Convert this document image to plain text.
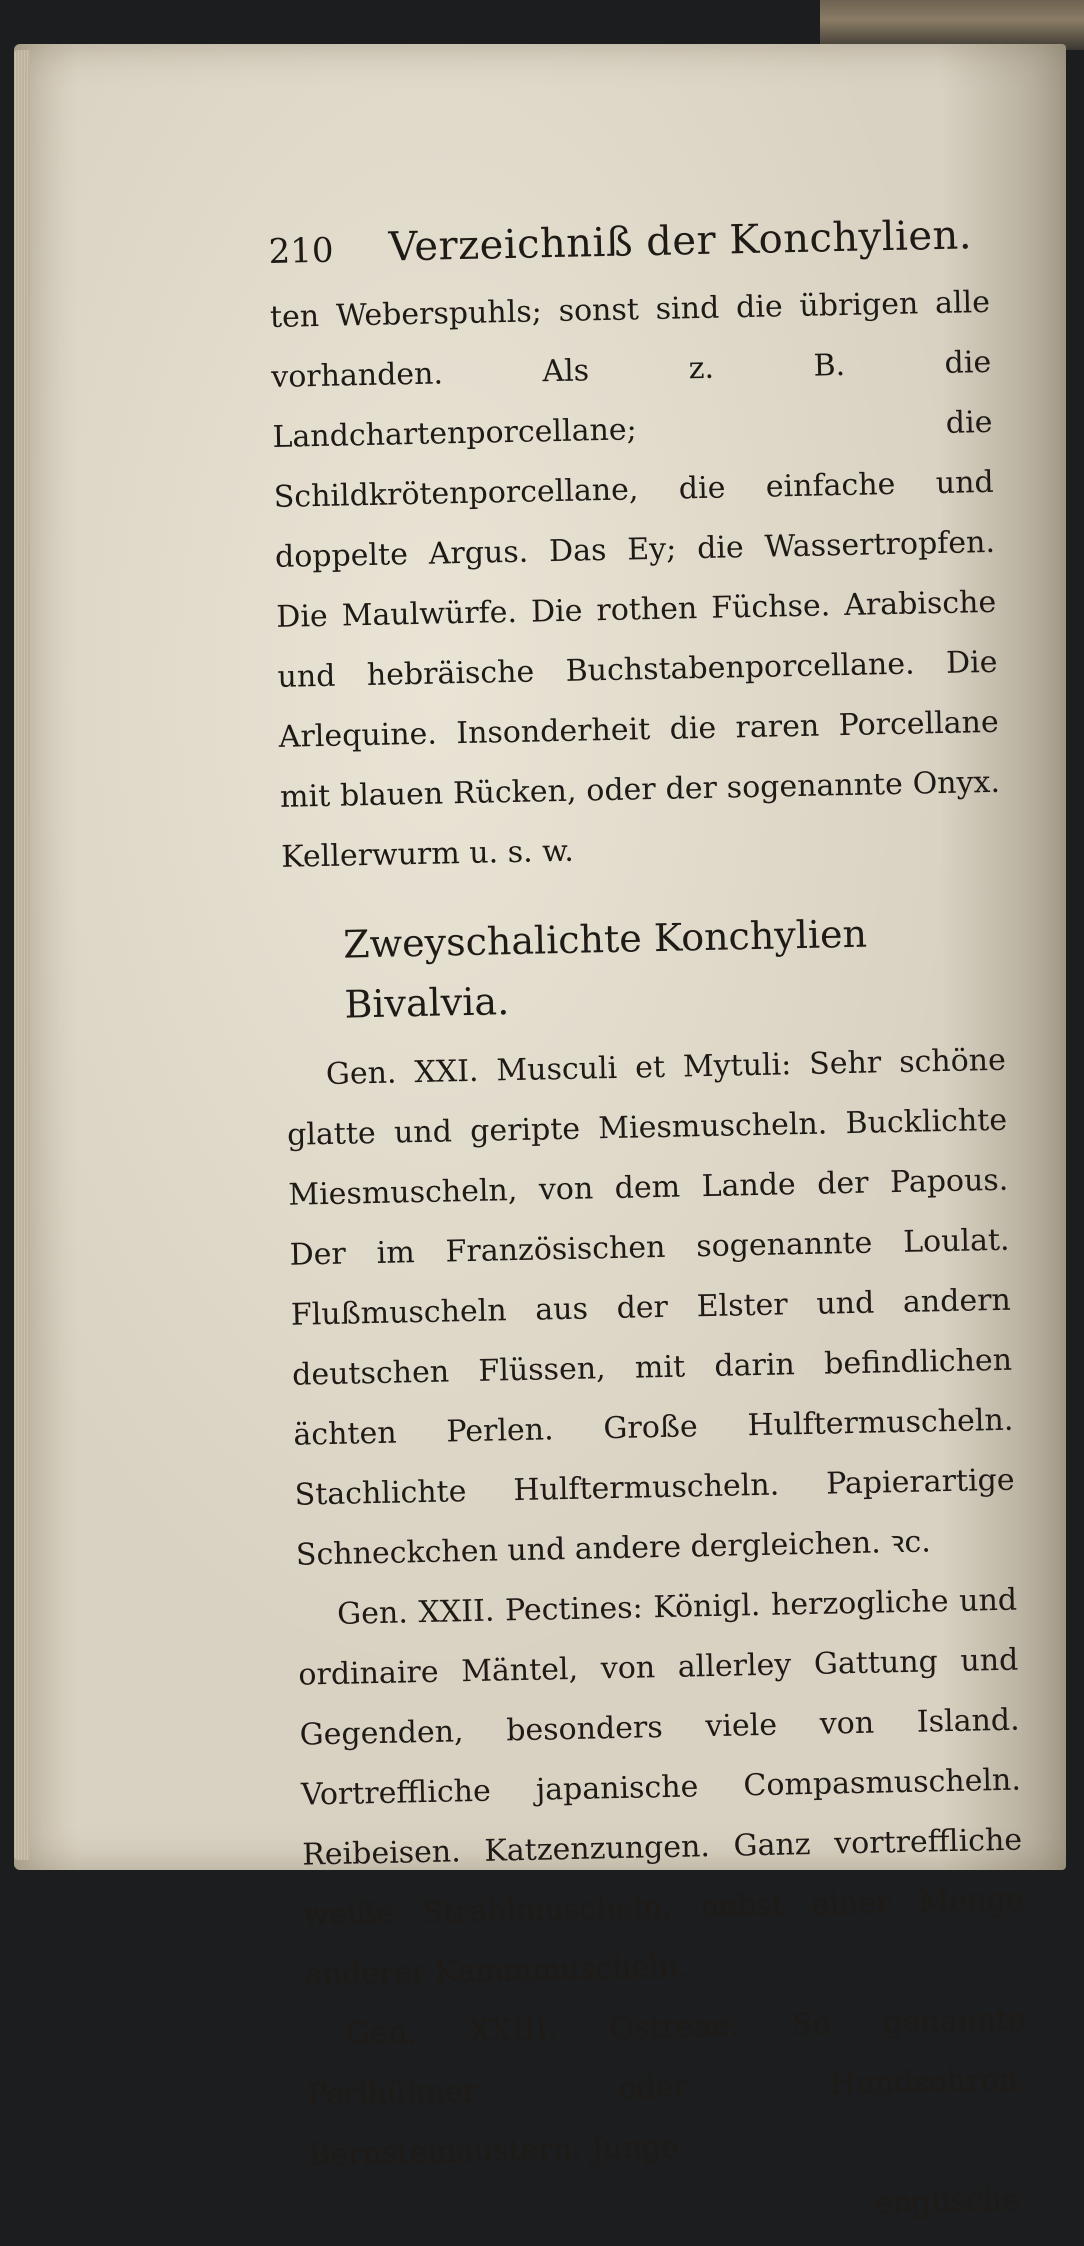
210	Verzeichniß der Konchylien.

ten Weberspuhls; sonst sind die übrigen alle vorhanden. Als z. B. die Landchartenporcellane; die Schildkrötenporcellane, die einfache und doppelte Argus. Das Ey; die Wassertropfen. Die Maulwürfe. Die rothen Füchse. Arabische und hebräische Buchstabenporcellane. Die Arlequine. Insonderheit die raren Porcellane mit blauen Rücken, oder der sogenannte Onyx. Kellerwurm u. s. w.

Zweyschalichte Konchylien Bivalvia.

Gen. XXI. Musculi et Mytuli: Sehr schöne glatte und geripte Miesmuscheln. Bucklichte Miesmuscheln, von dem Lande der Papous. Der im Französischen sogenannte Loulat. Flußmuscheln aus der Elster und andern deutschen Flüssen, mit darin befindlichen ächten Perlen. Große Hulftermuscheln. Stachlichte Hulftermuscheln. Papierartige Schneckchen und andere dergleichen. ꝛc.

Gen. XXII. Pectines: Königl. herzogliche und ordinaire Mäntel, von allerley Gattung und Gegenden, besonders viele von Island. Vortreffliche japanische Compasmuscheln. Reibeisen. Katzenzungen. Ganz vortreffliche weiße Strahlmuscheln, nebst einer Menge anderer Kammmuscheln.

Gen. XXIII. Ostreae: So genannte Perlhühner oder Hundsohren. Bernsteinaustern. Junge

englische
